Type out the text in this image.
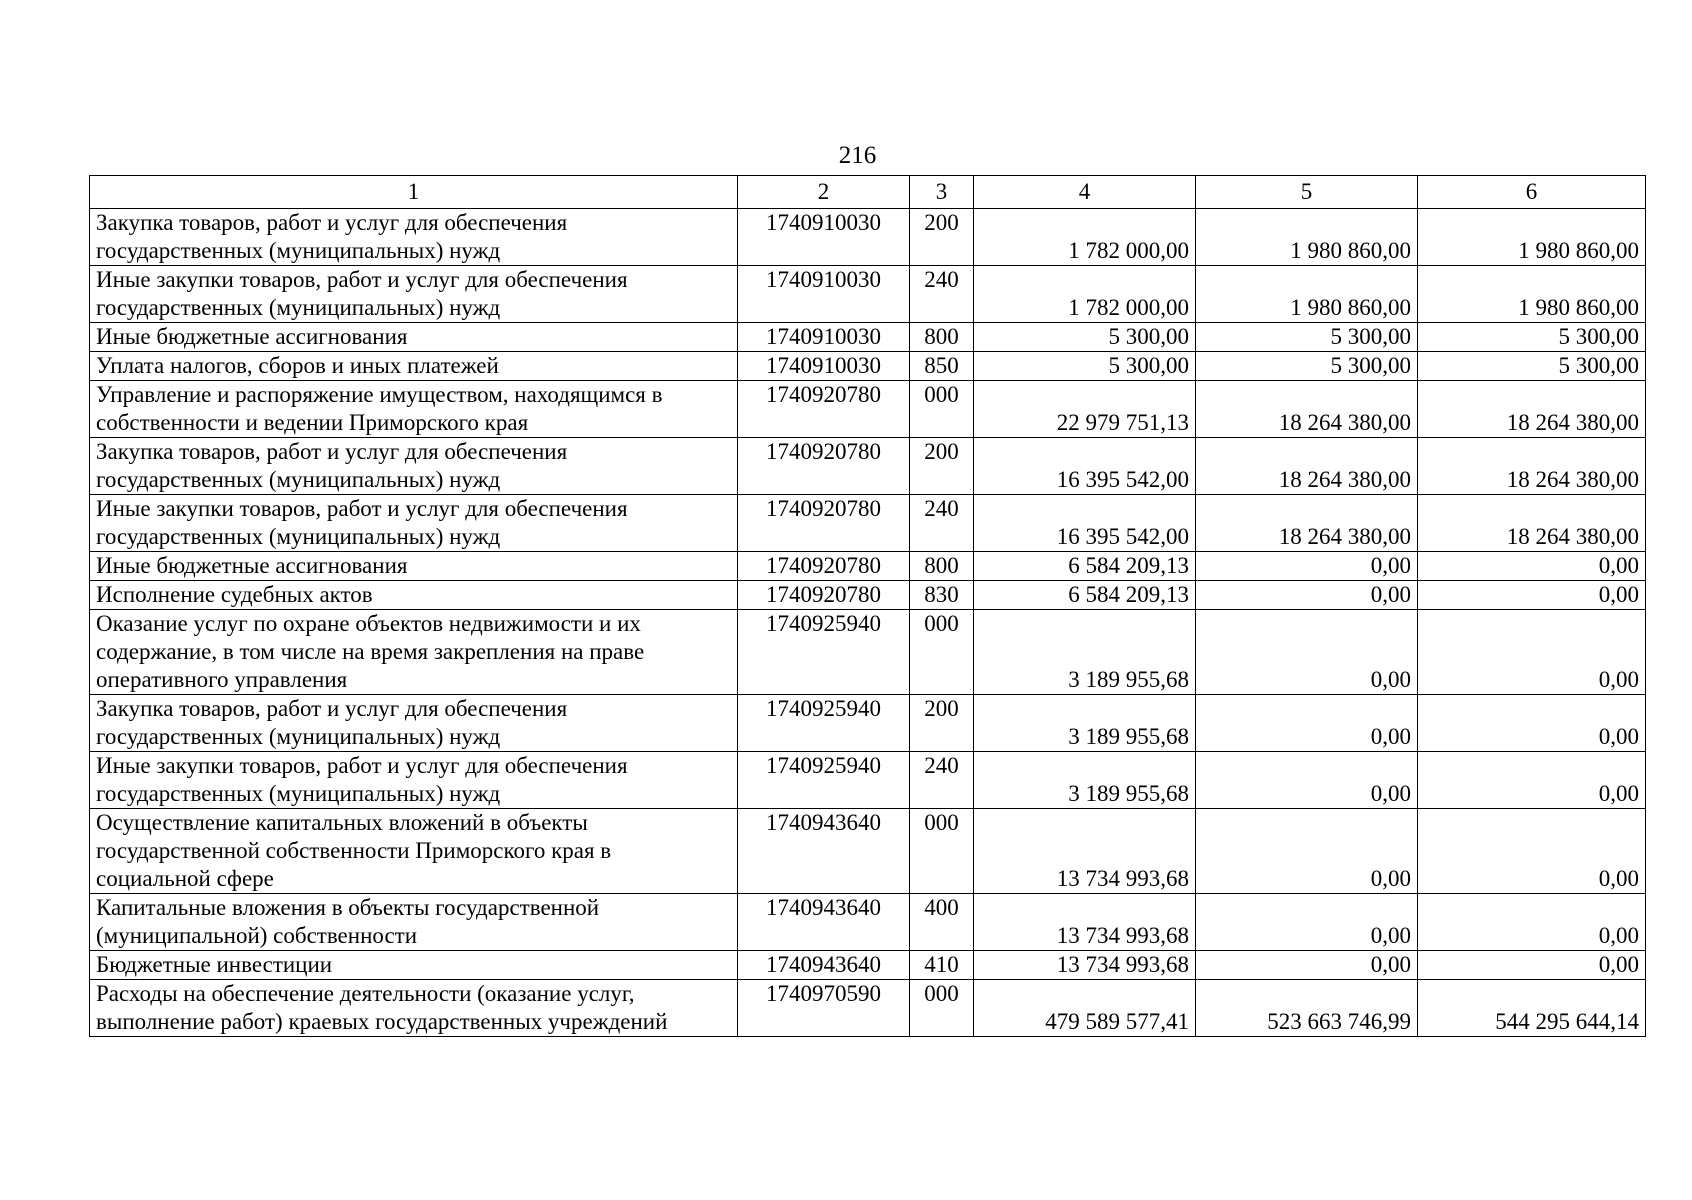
216
1	2	3	4	5	6
Закупка товаров, работ и услуг для обеспечения государственных (муниципальных) нужд	1740910030	200	1 782 000,00	1 980 860,00	1 980 860,00
Иные закупки товаров, работ и услуг для обеспечения государственных (муниципальных) нужд	1740910030	240	1 782 000,00	1 980 860,00	1 980 860,00
Иные бюджетные ассигнования	1740910030	800	5 300,00	5 300,00	5 300,00
Уплата налогов, сборов и иных платежей	1740910030	850	5 300,00	5 300,00	5 300,00
Управление и распоряжение имуществом, находящимся в собственности и ведении Приморского края	1740920780	000	22 979 751,13	18 264 380,00	18 264 380,00
Закупка товаров, работ и услуг для обеспечения государственных (муниципальных) нужд	1740920780	200	16 395 542,00	18 264 380,00	18 264 380,00
Иные закупки товаров, работ и услуг для обеспечения государственных (муниципальных) нужд	1740920780	240	16 395 542,00	18 264 380,00	18 264 380,00
Иные бюджетные ассигнования	1740920780	800	6 584 209,13	0,00	0,00
Исполнение судебных актов	1740920780	830	6 584 209,13	0,00	0,00
Оказание услуг по охране объектов недвижимости и их содержание, в том числе на время закрепления на праве оперативного управления	1740925940	000	3 189 955,68	0,00	0,00
Закупка товаров, работ и услуг для обеспечения государственных (муниципальных) нужд	1740925940	200	3 189 955,68	0,00	0,00
Иные закупки товаров, работ и услуг для обеспечения государственных (муниципальных) нужд	1740925940	240	3 189 955,68	0,00	0,00
Осуществление капитальных вложений в объекты государственной собственности Приморского края в социальной сфере	1740943640	000	13 734 993,68	0,00	0,00
Капитальные вложения в объекты государственной (муниципальной) собственности	1740943640	400	13 734 993,68	0,00	0,00
Бюджетные инвестиции	1740943640	410	13 734 993,68	0,00	0,00
Расходы на обеспечение деятельности (оказание услуг, выполнение работ) краевых государственных учреждений	1740970590	000	479 589 577,41	523 663 746,99	544 295 644,14
